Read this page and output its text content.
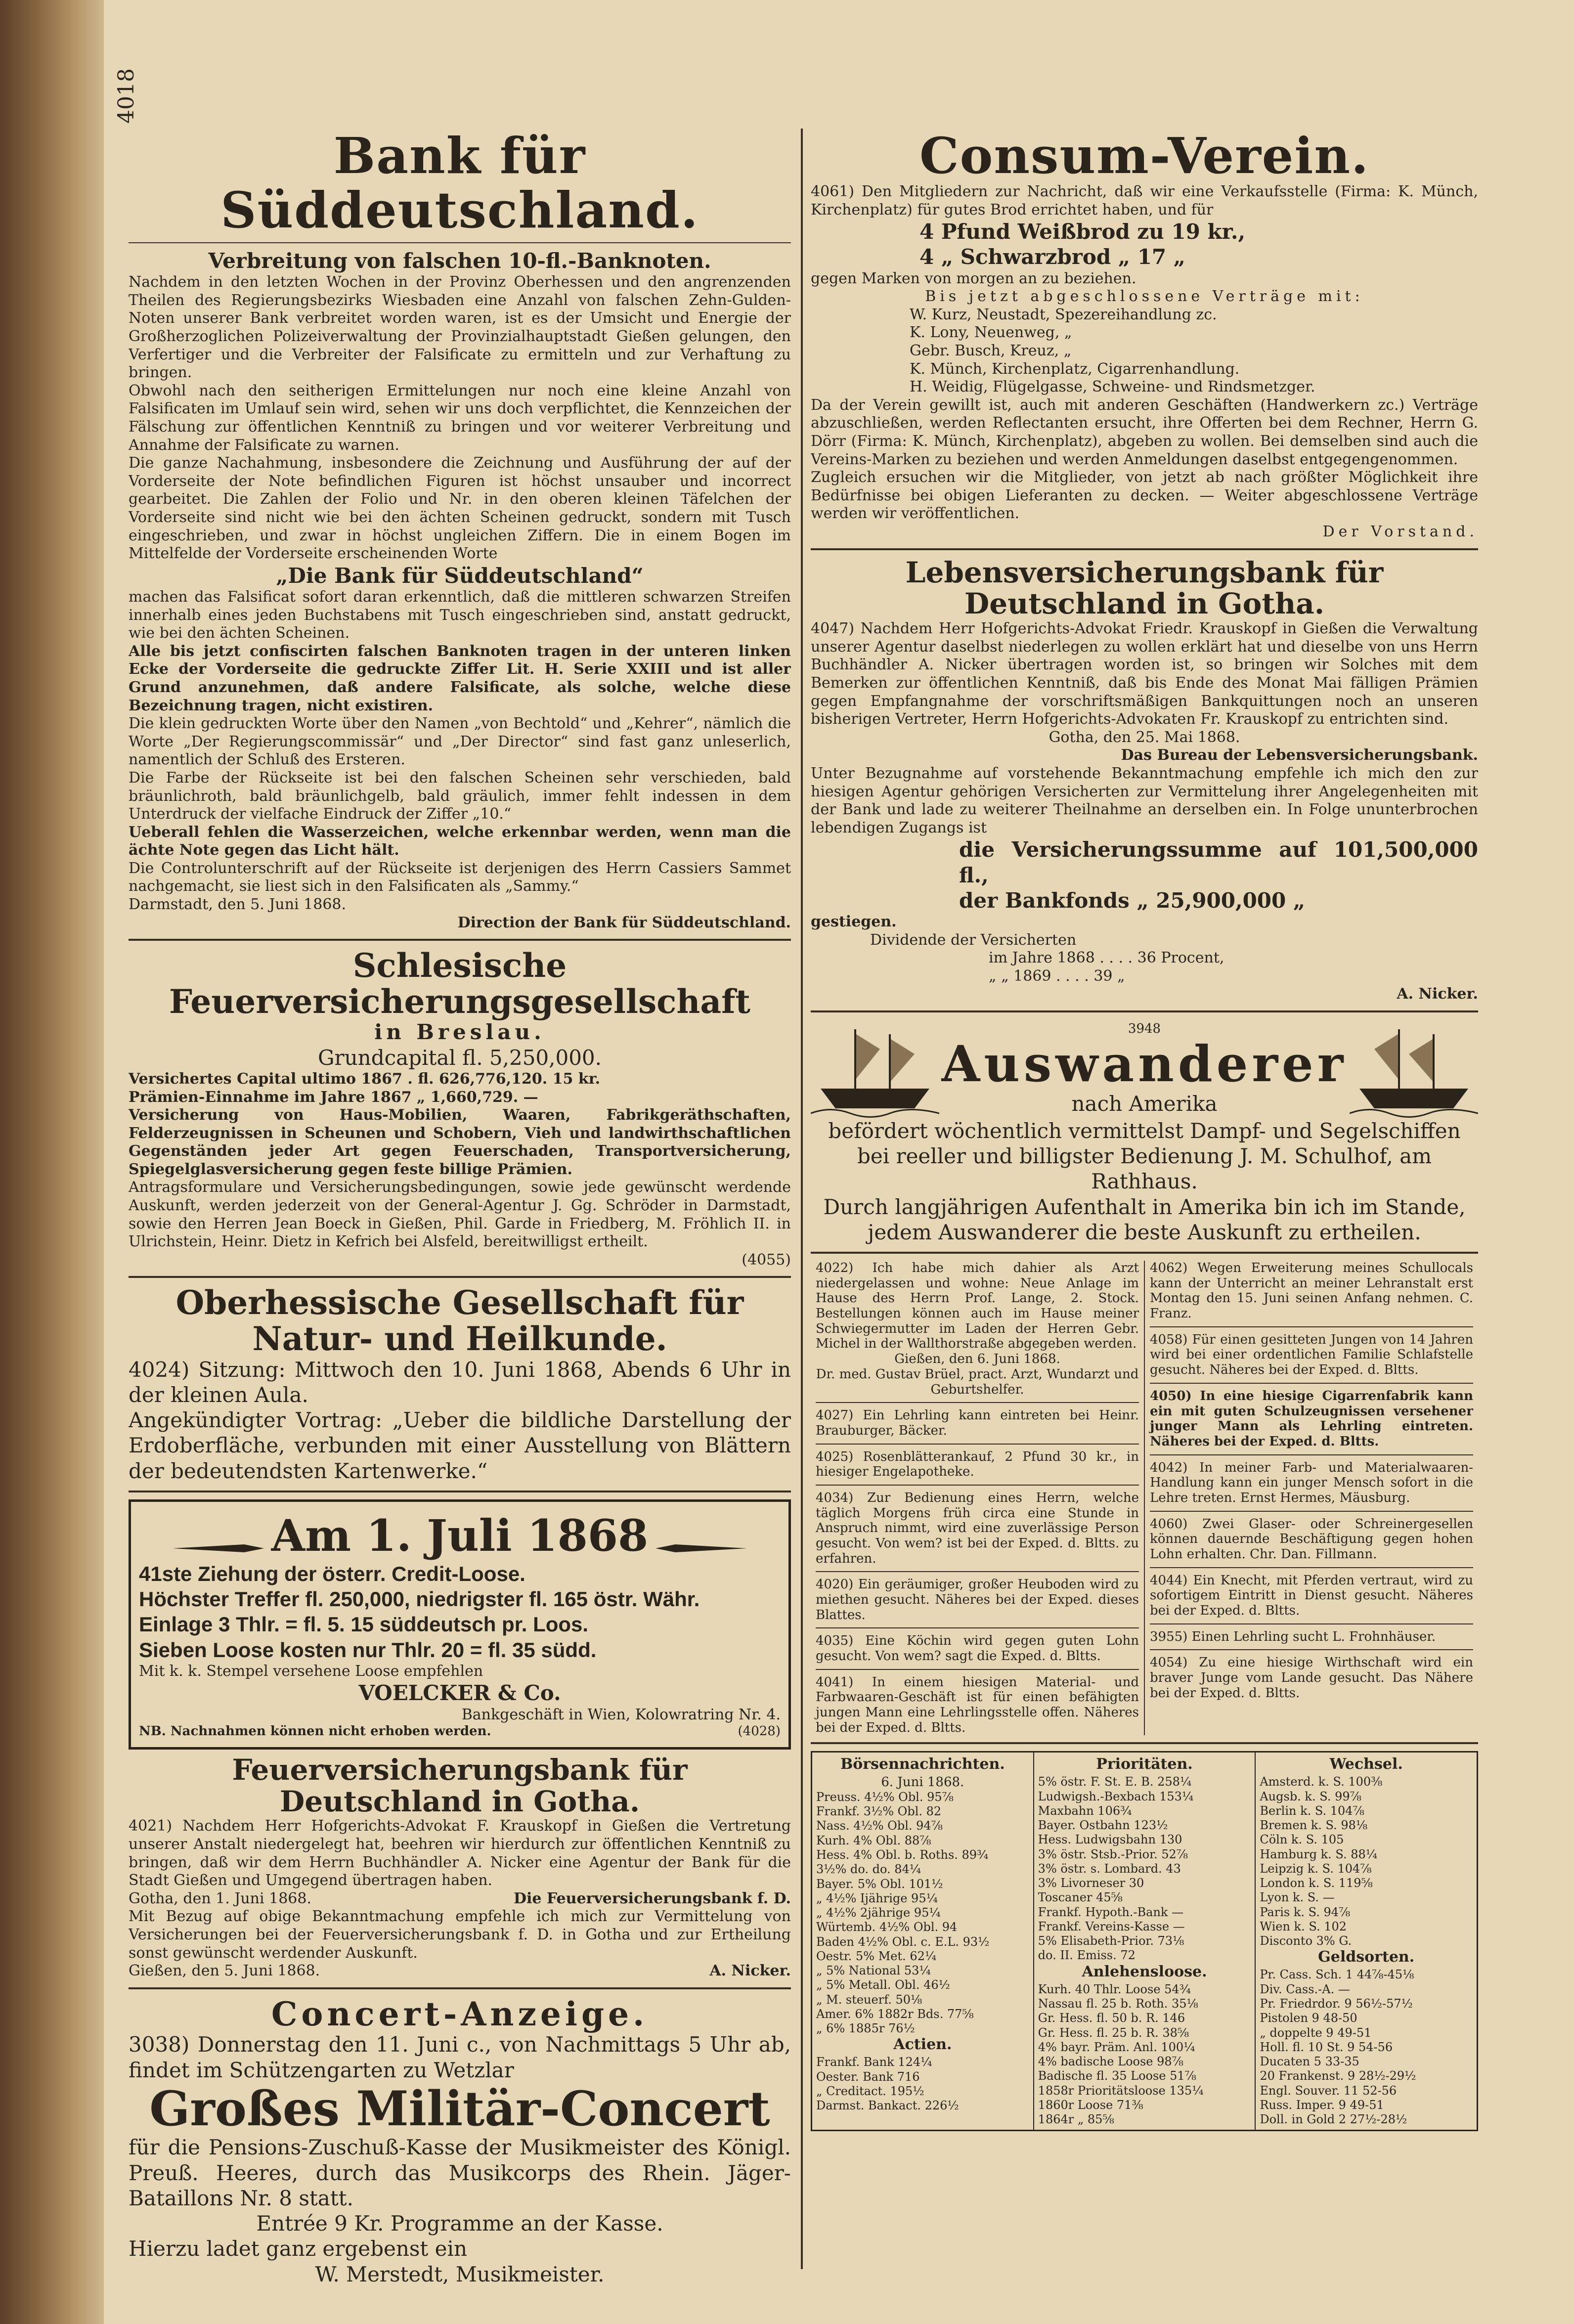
4018
Bank für Süddeutschland.

Verbreitung von falschen 10-fl.-Banknoten.

Nachdem in den letzten Wochen in der Provinz Oberhessen und den angrenzenden Theilen des Regierungsbezirks Wiesbaden eine Anzahl von falschen Zehn-Gulden-Noten unserer Bank verbreitet worden waren, ist es der Umsicht und Energie der Großherzoglichen Polizeiverwaltung der Provinzialhauptstadt Gießen gelungen, den Verfertiger und die Verbreiter der Falsificate zu ermitteln und zur Verhaftung zu bringen.

Obwohl nach den seitherigen Ermittelungen nur noch eine kleine Anzahl von Falsificaten im Umlauf sein wird, sehen wir uns doch verpflichtet, die Kennzeichen der Fälschung zur öffentlichen Kenntniß zu bringen und vor weiterer Verbreitung und Annahme der Falsificate zu warnen.

Die ganze Nachahmung, insbesondere die Zeichnung und Ausführung der auf der Vorderseite der Note befindlichen Figuren ist höchst unsauber und incorrect gearbeitet. Die Zahlen der Folio und Nr. in den oberen kleinen Täfelchen der Vorderseite sind nicht wie bei den ächten Scheinen gedruckt, sondern mit Tusch eingeschrieben, und zwar in höchst ungleichen Ziffern. Die in einem Bogen im Mittelfelde der Vorderseite erscheinenden Worte

„Die Bank für Süddeutschland“

machen das Falsificat sofort daran erkenntlich, daß die mittleren schwarzen Streifen innerhalb eines jeden Buchstabens mit Tusch eingeschrieben sind, anstatt gedruckt, wie bei den ächten Scheinen.

Alle bis jetzt confiscirten falschen Banknoten tragen in der unteren linken Ecke der Vorderseite die gedruckte Ziffer Lit. H. Serie XXIII und ist aller Grund anzunehmen, daß andere Falsificate, als solche, welche diese Bezeichnung tragen, nicht existiren.

Die klein gedruckten Worte über den Namen „von Bechtold“ und „Kehrer“, nämlich die Worte „Der Regierungscommissär“ und „Der Director“ sind fast ganz unleserlich, namentlich der Schluß des Ersteren.

Die Farbe der Rückseite ist bei den falschen Scheinen sehr verschieden, bald bräunlichroth, bald bräunlichgelb, bald gräulich, immer fehlt indessen in dem Unterdruck der vielfache Eindruck der Ziffer „10.“

Ueberall fehlen die Wasserzeichen, welche erkennbar werden, wenn man die ächte Note gegen das Licht hält.

Die Controlunterschrift auf der Rückseite ist derjenigen des Herrn Cassiers Sammet nachgemacht, sie liest sich in den Falsificaten als „Sammy.“

Darmstadt, den 5. Juni 1868.

Direction der Bank für Süddeutschland.

Schlesische Feuerversicherungsgesellschaft

in Breslau.

Grundcapital fl. 5,250,000.

Versichertes Capital ultimo 1867 . fl. 626,776,120. 15 kr.

Prämien-Einnahme im Jahre 1867 „ 1,660,729. —

Versicherung von Haus-Mobilien, Waaren, Fabrikgeräthschaften, Felderzeugnissen in Scheunen und Schobern, Vieh und landwirthschaftlichen Gegenständen jeder Art gegen Feuerschaden, Transportversicherung, Spiegelglasversicherung gegen feste billige Prämien.

Antragsformulare und Versicherungsbedingungen, sowie jede gewünscht werdende Auskunft, werden jederzeit von der General-Agentur J. Gg. Schröder in Darmstadt, sowie den Herren Jean Boeck in Gießen, Phil. Garde in Friedberg, M. Fröhlich II. in Ulrichstein, Heinr. Dietz in Kefrich bei Alsfeld, bereitwilligst ertheilt.

(4055)

Oberhessische Gesellschaft für Natur- und Heilkunde.

4024) Sitzung: Mittwoch den 10. Juni 1868, Abends 6 Uhr in der kleinen Aula.

Angekündigter Vortrag: „Ueber die bildliche Darstellung der Erdoberfläche, verbunden mit einer Ausstellung von Blättern der bedeutendsten Kartenwerke.“

Am 1. Juli 1868

41ste Ziehung der österr. Credit-Loose.

Höchster Treffer fl. 250,000, niedrigster fl. 165 östr. Währ.

Einlage 3 Thlr. = fl. 5. 15 süddeutsch pr. Loos.

Sieben Loose kosten nur Thlr. 20 = fl. 35 südd.

Mit k. k. Stempel versehene Loose empfehlen

VOELCKER & Co.

Bankgeschäft in Wien, Kolowratring Nr. 4.

NB. Nachnahmen können nicht erhoben werden.	(4028)
Feuerversicherungsbank für Deutschland in Gotha.

4021) Nachdem Herr Hofgerichts-Advokat F. Krauskopf in Gießen die Vertretung unserer Anstalt niedergelegt hat, beehren wir hierdurch zur öffentlichen Kenntniß zu bringen, daß wir dem Herrn Buchhändler A. Nicker eine Agentur der Bank für die Stadt Gießen und Umgegend übertragen haben.

Gotha, den 1. Juni 1868.	Die Feuerversicherungsbank f. D.

Mit Bezug auf obige Bekanntmachung empfehle ich mich zur Vermittelung von Versicherungen bei der Feuerversicherungsbank f. D. in Gotha und zur Ertheilung sonst gewünscht werdender Auskunft.

Gießen, den 5. Juni 1868.	A. Nicker.

Concert-Anzeige.

3038) Donnerstag den 11. Juni c., von Nachmittags 5 Uhr ab, findet im Schützengarten zu Wetzlar

Großes Militär-Concert

für die Pensions-Zuschuß-Kasse der Musikmeister des Königl. Preuß. Heeres, durch das Musikcorps des Rhein. Jäger-Bataillons Nr. 8 statt.

Entrée 9 Kr. Programme an der Kasse.

Hierzu ladet ganz ergebenst ein

W. Merstedt, Musikmeister.

Consum-Verein.

4061) Den Mitgliedern zur Nachricht, daß wir eine Verkaufsstelle (Firma: K. Münch, Kirchenplatz) für gutes Brod errichtet haben, und für

4 Pfund Weißbrod zu 19 kr.,

4 „ Schwarzbrod „ 17 „

gegen Marken von morgen an zu beziehen.

Bis jetzt abgeschlossene Verträge mit:

W. Kurz, Neustadt, Spezereihandlung zc.

K. Lony, Neuenweg, „

Gebr. Busch, Kreuz, „

K. Münch, Kirchenplatz, Cigarrenhandlung.

H. Weidig, Flügelgasse, Schweine- und Rindsmetzger.

Da der Verein gewillt ist, auch mit anderen Geschäften (Handwerkern zc.) Verträge abzuschließen, werden Reflectanten ersucht, ihre Offerten bei dem Rechner, Herrn G. Dörr (Firma: K. Münch, Kirchenplatz), abgeben zu wollen. Bei demselben sind auch die Vereins-Marken zu beziehen und werden Anmeldungen daselbst entgegengenommen.

Zugleich ersuchen wir die Mitglieder, von jetzt ab nach größter Möglichkeit ihre Bedürfnisse bei obigen Lieferanten zu decken. — Weiter abgeschlossene Verträge werden wir veröffentlichen.

Der Vorstand.

Lebensversicherungsbank für Deutschland in Gotha.

4047) Nachdem Herr Hofgerichts-Advokat Friedr. Krauskopf in Gießen die Verwaltung unserer Agentur daselbst niederlegen zu wollen erklärt hat und dieselbe von uns Herrn Buchhändler A. Nicker übertragen worden ist, so bringen wir Solches mit dem Bemerken zur öffentlichen Kenntniß, daß bis Ende des Monat Mai fälligen Prämien gegen Empfangnahme der vorschriftsmäßigen Bankquittungen noch an unseren bisherigen Vertreter, Herrn Hofgerichts-Advokaten Fr. Krauskopf zu entrichten sind.

Gotha, den 25. Mai 1868.

Das Bureau der Lebensversicherungsbank.

Unter Bezugnahme auf vorstehende Bekanntmachung empfehle ich mich den zur hiesigen Agentur gehörigen Versicherten zur Vermittelung ihrer Angelegenheiten mit der Bank und lade zu weiterer Theilnahme an derselben ein. In Folge ununterbrochen lebendigen Zugangs ist

die Versicherungssumme auf 101,500,000 fl.,

der Bankfonds „ 25,900,000 „

gestiegen.

Dividende der Versicherten

im Jahre 1868 . . . . 36 Procent,

„ „ 1869 . . . . 39 „

A. Nicker.

3948

Auswanderer

nach Amerika

befördert wöchentlich vermittelst Dampf- und Segelschiffen bei reeller und billigster Bedienung J. M. Schulhof, am Rathhaus.

Durch langjährigen Aufenthalt in Amerika bin ich im Stande, jedem Auswanderer die beste Auskunft zu ertheilen.

4022) Ich habe mich dahier als Arzt niedergelassen und wohne: Neue Anlage im Hause des Herrn Prof. Lange, 2. Stock. Bestellungen können auch im Hause meiner Schwiegermutter im Laden der Herren Gebr. Michel in der Wallthorstraße abgegeben werden.

Gießen, den 6. Juni 1868.

Dr. med. Gustav Brüel, pract. Arzt, Wundarzt und Geburtshelfer.

4027) Ein Lehrling kann eintreten bei Heinr. Brauburger, Bäcker.

4025) Rosenblätterankauf, 2 Pfund 30 kr., in hiesiger Engelapotheke.

4034) Zur Bedienung eines Herrn, welche täglich Morgens früh circa eine Stunde in Anspruch nimmt, wird eine zuverlässige Person gesucht. Von wem? ist bei der Exped. d. Bltts. zu erfahren.

4020) Ein geräumiger, großer Heuboden wird zu miethen gesucht. Näheres bei der Exped. dieses Blattes.

4035) Eine Köchin wird gegen guten Lohn gesucht. Von wem? sagt die Exped. d. Bltts.

4041) In einem hiesigen Material- und Farbwaaren-Geschäft ist für einen befähigten jungen Mann eine Lehrlingsstelle offen. Näheres bei der Exped. d. Bltts.

4062) Wegen Erweiterung meines Schullocals kann der Unterricht an meiner Lehranstalt erst Montag den 15. Juni seinen Anfang nehmen. C. Franz.

4058) Für einen gesitteten Jungen von 14 Jahren wird bei einer ordentlichen Familie Schlafstelle gesucht. Näheres bei der Exped. d. Bltts.

4050) In eine hiesige Cigarrenfabrik kann ein mit guten Schulzeugnissen versehener junger Mann als Lehrling eintreten. Näheres bei der Exped. d. Bltts.

4042) In meiner Farb- und Materialwaaren-Handlung kann ein junger Mensch sofort in die Lehre treten. Ernst Hermes, Mäusburg.

4060) Zwei Glaser- oder Schreinergesellen können dauernde Beschäftigung gegen hohen Lohn erhalten. Chr. Dan. Fillmann.

4044) Ein Knecht, mit Pferden vertraut, wird zu sofortigem Eintritt in Dienst gesucht. Näheres bei der Exped. d. Bltts.

3955) Einen Lehrling sucht L. Frohnhäuser.

4054) Zu eine hiesige Wirthschaft wird ein braver Junge vom Lande gesucht. Das Nähere bei der Exped. d. Bltts.

Börsennachrichten.

6. Juni 1868.

Preuss. 4½% Obl. 95⅞
Frankf. 3½% Obl. 82
Nass. 4½% Obl. 94⅞
Kurh. 4% Obl. 88⅞
Hess. 4% Obl. b. Roths. 89¾
3½% do. do. 84¼
Bayer. 5% Obl. 101½
„ 4½% Ijährige 95¼
„ 4½% 2jährige 95¼
Würtemb. 4½% Obl. 94
Baden 4½% Obl. c. E.L. 93½
Oestr. 5% Met. 62¼
„ 5% National 53¼
„ 5% Metall. Obl. 46½
„ M. steuerf. 50⅛
Amer. 6% 1882r Bds. 77⅝
„ 6% 1885r 76½
Actien.
Frankf. Bank 124¼
Oester. Bank 716
„ Creditact. 195½
Darmst. Bankact. 226½
Prioritäten.
5% östr. F. St. E. B. 258¼
Ludwigsh.-Bexbach 153¼
Maxbahn 106¾
Bayer. Ostbahn 123½
Hess. Ludwigsbahn 130
3% östr. Stsb.-Prior. 52⅞
3% östr. s. Lombard. 43
3% Livorneser 30
Toscaner 45⅝
Frankf. Hypoth.-Bank —
Frankf. Vereins-Kasse —
5% Elisabeth-Prior. 73⅛
do. II. Emiss. 72
Anlehensloose.
Kurh. 40 Thlr. Loose 54¾
Nassau fl. 25 b. Roth. 35⅛
Gr. Hess. fl. 50 b. R. 146
Gr. Hess. fl. 25 b. R. 38⅝
4% bayr. Präm. Anl. 100¼
4% badische Loose 98⅞
Badische fl. 35 Loose 51⅞
1858r Prioritätsloose 135¼
1860r Loose 71⅜
1864r „ 85⅝
Wechsel.
Amsterd. k. S. 100⅜
Augsb. k. S. 99⅞
Berlin k. S. 104⅞
Bremen k. S. 98⅛
Cöln k. S. 105
Hamburg k. S. 88¼
Leipzig k. S. 104⅞
London k. S. 119⅝
Lyon k. S. —
Paris k. S. 94⅞
Wien k. S. 102
Disconto 3% G.
Geldsorten.
Pr. Cass. Sch. 1 44⅞-45⅛
Div. Cass.-A. —
Pr. Friedrdor. 9 56½-57½
Pistolen 9 48-50
„ doppelte 9 49-51
Holl. fl. 10 St. 9 54-56
Ducaten 5 33-35
20 Frankenst. 9 28½-29½
Engl. Souver. 11 52-56
Russ. Imper. 9 49-51
Doll. in Gold 2 27½-28½
